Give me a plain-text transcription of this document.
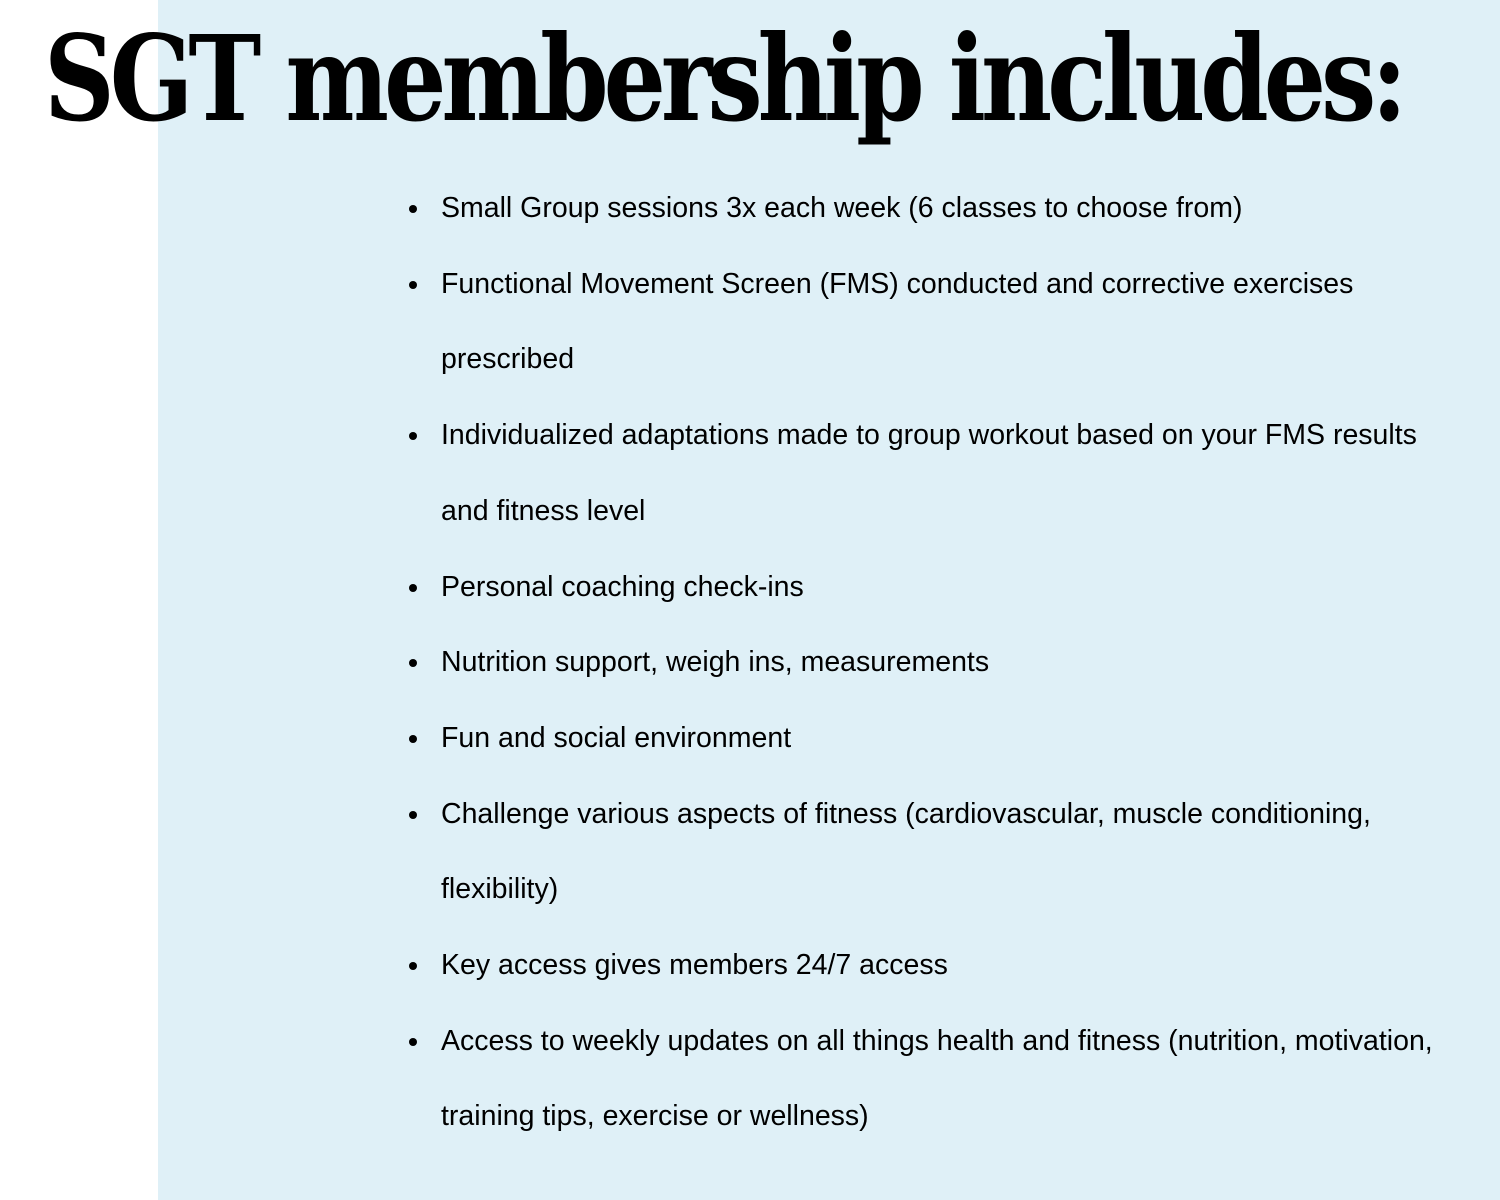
SGT membership includes:
Small Group sessions 3x each week (6 classes to choose from)
Functional Movement Screen (FMS) conducted and corrective exercises prescribed
Individualized adaptations made to group workout based on your FMS results and fitness level
Personal coaching check-ins
Nutrition support, weigh ins, measurements
Fun and social environment
Challenge various aspects of fitness (cardiovascular, muscle conditioning, flexibility)
Key access gives members 24/7 access
Access to weekly updates on all things health and fitness (nutrition, motivation, training tips, exercise or wellness)
